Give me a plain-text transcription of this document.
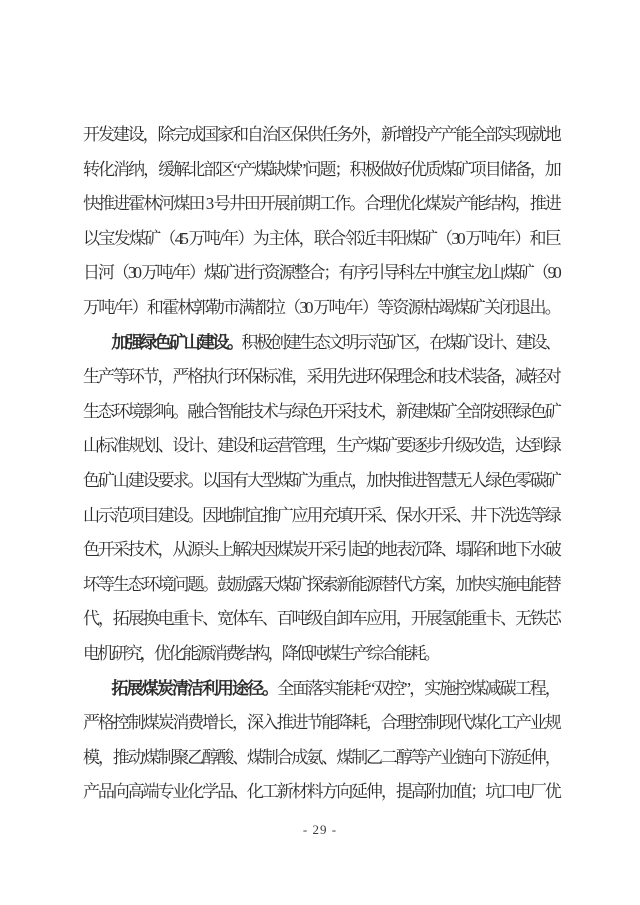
开发建设，除完成国家和自治区保供任务外，新增投产产能全部实现就地
转化消纳，缓解北部区“产煤缺煤”问题；积极做好优质煤矿项目储备，加
快推进霍林河煤田 3 号井田开展前期工作。合理优化煤炭产能结构，推进
以宝发煤矿（45 万吨/年）为主体，联合邻近丰阳煤矿（30 万吨/年）和巨
日河（30 万吨/年）煤矿进行资源整合；有序引导科左中旗宝龙山煤矿（90
万吨/年）和霍林郭勒市满都拉（30 万吨/年）等资源枯竭煤矿关闭退出。
加强绿色矿山建设。积极创建生态文明示范矿区，在煤矿设计、建设、
生产等环节，严格执行环保标准，采用先进环保理念和技术装备，减轻对
生态环境影响。融合智能技术与绿色开采技术，新建煤矿全部按照绿色矿
山标准规划、设计、建设和运营管理，生产煤矿要逐步升级改造，达到绿
色矿山建设要求。以国有大型煤矿为重点，加快推进智慧无人绿色零碳矿
山示范项目建设。因地制宜推广应用充填开采、保水开采、井下洗选等绿
色开采技术，从源头上解决因煤炭开采引起的地表沉降、塌陷和地下水破
坏等生态环境问题。鼓励露天煤矿探索新能源替代方案，加快实施电能替
代，拓展换电重卡、宽体车、百吨级自卸车应用，开展氢能重卡、无铁芯
电机研究，优化能源消费结构，降低吨煤生产综合能耗。
拓展煤炭清洁利用途径。全面落实能耗“双控”，实施控煤减碳工程，
严格控制煤炭消费增长，深入推进节能降耗，合理控制现代煤化工产业规
模，推动煤制聚乙醇酸、煤制合成氨、煤制乙二醇等产业链向下游延伸，
产品向高端专业化学品、化工新材料方向延伸，提高附加值；坑口电厂优
- 29 -
